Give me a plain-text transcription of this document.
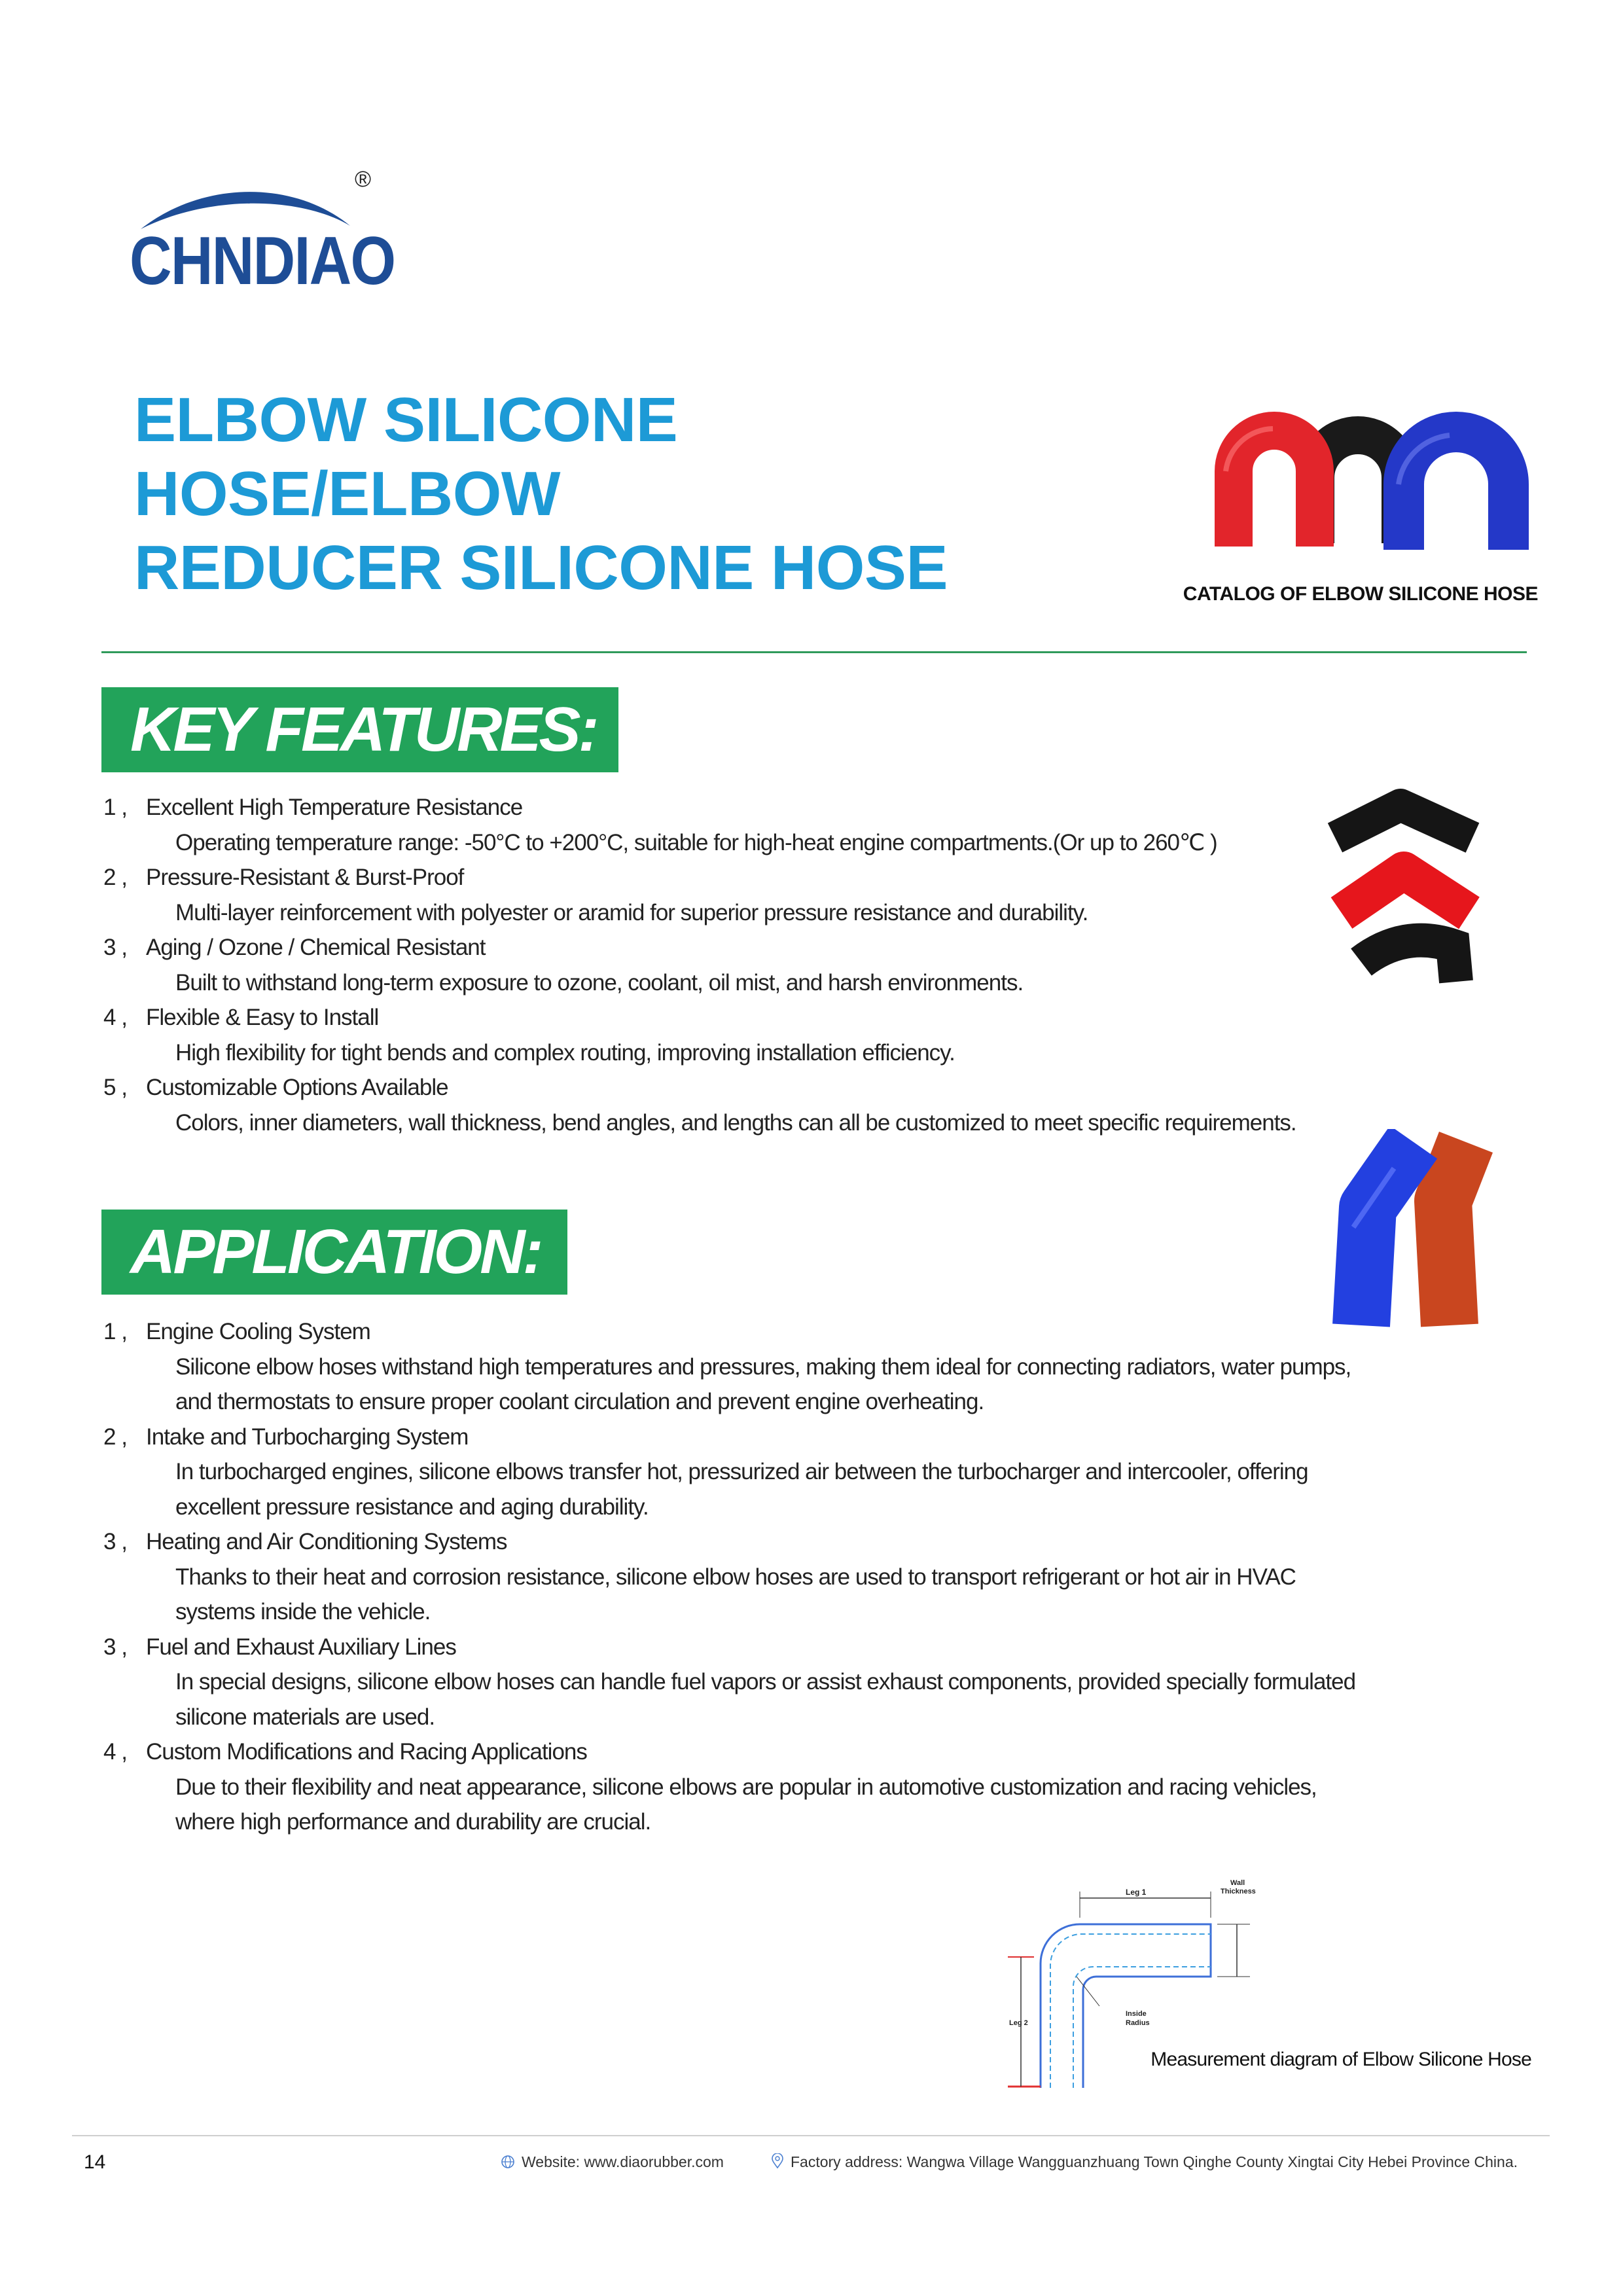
CHNDIAO
®
ELBOW SILICONE HOSE/ELBOW
REDUCER SILICONE HOSE	CATALOG OF ELBOW SILICONE HOSE
KEY FEATURES:
1 , Excellent High Temperature Resistance
Operating temperature range: -50°C to +200°C, suitable for high-heat engine compartments.(Or up to 260℃ )
2 , Pressure-Resistant & Burst-Proof
Multi-layer reinforcement with polyester or aramid for superior pressure resistance and durability.
3 , Aging / Ozone / Chemical Resistant
Built to withstand long-term exposure to ozone, coolant, oil mist, and harsh environments.
4 , Flexible & Easy to Install
High flexibility for tight bends and complex routing, improving installation efficiency.
5 , Customizable Options Available
Colors, inner diameters, wall thickness, bend angles, and lengths can all be customized to meet specific requirements.
APPLICATION:
1 , Engine Cooling System
Silicone elbow hoses withstand high temperatures and pressures, making them ideal for connecting radiators, water pumps,
and thermostats to ensure proper coolant circulation and prevent engine overheating.
2 , Intake and Turbocharging System
In turbocharged engines, silicone elbows transfer hot, pressurized air between the turbocharger and intercooler, offering
excellent pressure resistance and aging durability.
3 , Heating and Air Conditioning Systems
Thanks to their heat and corrosion resistance, silicone elbow hoses are used to transport refrigerant or hot air in HVAC
systems inside the vehicle.
3 , Fuel and Exhaust Auxiliary Lines
In special designs, silicone elbow hoses can handle fuel vapors or assist exhaust components, provided specially formulated
silicone materials are used.
4 , Custom Modifications and Racing Applications
Due to their flexibility and neat appearance, silicone elbows are popular in automotive customization and racing vehicles,
where high performance and durability are crucial.
Leg 1
Wall
Thickness
Inside
Radius
Leg 2
Measurement diagram of Elbow Silicone Hose
14	Website: www.diaorubber.com	Factory address: Wangwa Village Wangguanzhuang Town Qinghe County Xingtai City Hebei Province China.
